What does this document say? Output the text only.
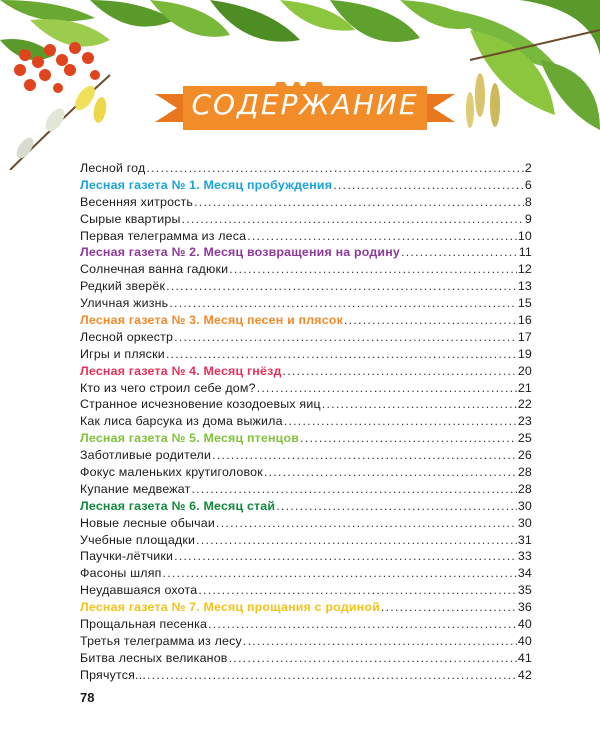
СОДЕРЖАНИЕ
Лесной год . . .	2
Лесная газета № 1. Месяц пробуждения . . .	6
Весенняя хитрость . . .	8
Сырые квартиры . . .	9
Первая телеграмма из леса . . .	10
Лесная газета № 2. Месяц возвращения на родину . . .	11
Солнечная ванна гадюки . . .	12
Редкий зверёк . . .	13
Уличная жизнь . . .	15
Лесная газета № 3. Месяц песен и плясок . . .	16
Лесной оркестр . . .	17
Игры и пляски . . .	19
Лесная газета № 4. Месяц гнёзд . . .	20
Кто из чего строил себе дом? . . .	21
Странное исчезновение козодоевых яиц . . .	22
Как лиса барсука из дома выжила . . .	23
Лесная газета № 5. Месяц птенцов . . .	25
Заботливые родители . . .	26
Фокус маленьких крутиголовок . . .	28
Купание медвежат . . .	28
Лесная газета № 6. Месяц стай . . .	30
Новые лесные обычаи . . .	30
Учебные площадки . . .	31
Паучки-лётчики . . .	33
Фасоны шляп . . .	34
Неудавшаяся охота . . .	35
Лесная газета № 7. Месяц прощания с родиной . . .	36
Прощальная песенка . . .	40
Третья телеграмма из лесу . . .	40
Битва лесных великанов . . .	41
Прячутся... . . .	42
78
